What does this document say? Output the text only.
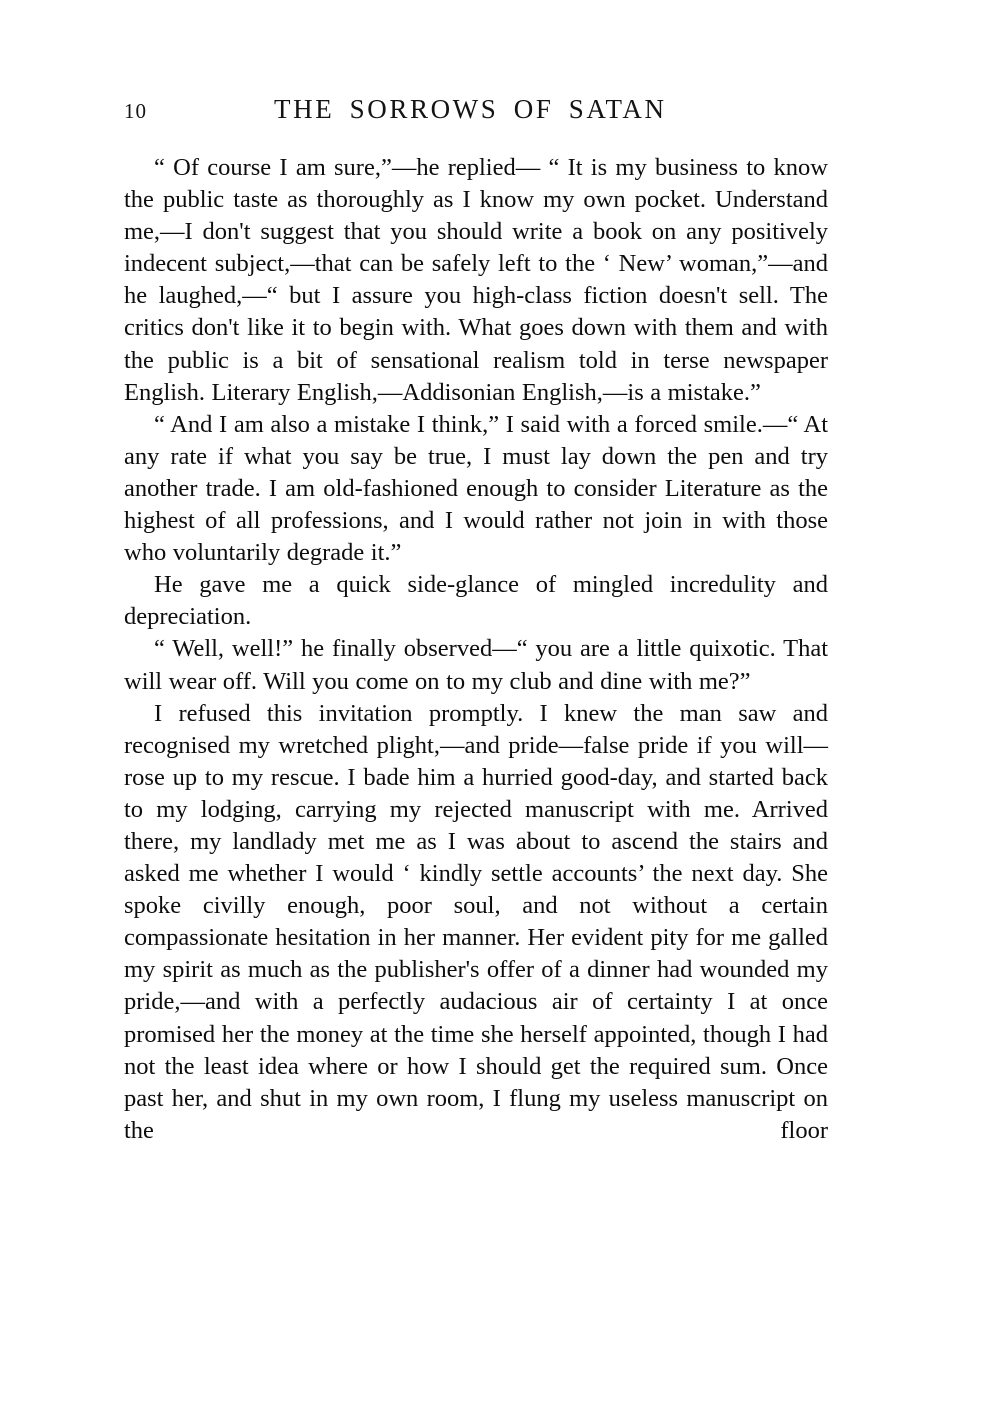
10	THE SORROWS OF SATAN

“ Of course I am sure,”—he replied— “ It is my business to know the public taste as thoroughly as I know my own pocket. Understand me,—I don't suggest that you should write a book on any positively indecent subject,—that can be safely left to the ‘ New’ woman,”—and he laughed,—“ but I assure you high-class fiction doesn't sell. The critics don't like it to begin with. What goes down with them and with the public is a bit of sensational realism told in terse newspaper English. Literary English,—Addisonian English,—is a mistake.”

“ And I am also a mistake I think,” I said with a forced smile.—“ At any rate if what you say be true, I must lay down the pen and try another trade. I am old-fashioned enough to consider Literature as the highest of all professions, and I would rather not join in with those who voluntarily degrade it.”

He gave me a quick side-glance of mingled incredulity and depreciation.

“ Well, well!” he finally observed—“ you are a little quixotic. That will wear off. Will you come on to my club and dine with me?”

I refused this invitation promptly. I knew the man saw and recognised my wretched plight,—and pride—false pride if you will—rose up to my rescue. I bade him a hurried good-day, and started back to my lodging, carrying my rejected manuscript with me. Arrived there, my landlady met me as I was about to ascend the stairs and asked me whether I would ‘ kindly settle accounts’ the next day. She spoke civilly enough, poor soul, and not without a certain compassionate hesitation in her manner. Her evident pity for me galled my spirit as much as the publisher's offer of a dinner had wounded my pride,—and with a perfectly audacious air of certainty I at once promised her the money at the time she herself appointed, though I had not the least idea where or how I should get the required sum. Once past her, and shut in my own room, I flung my useless manuscript on the floor
